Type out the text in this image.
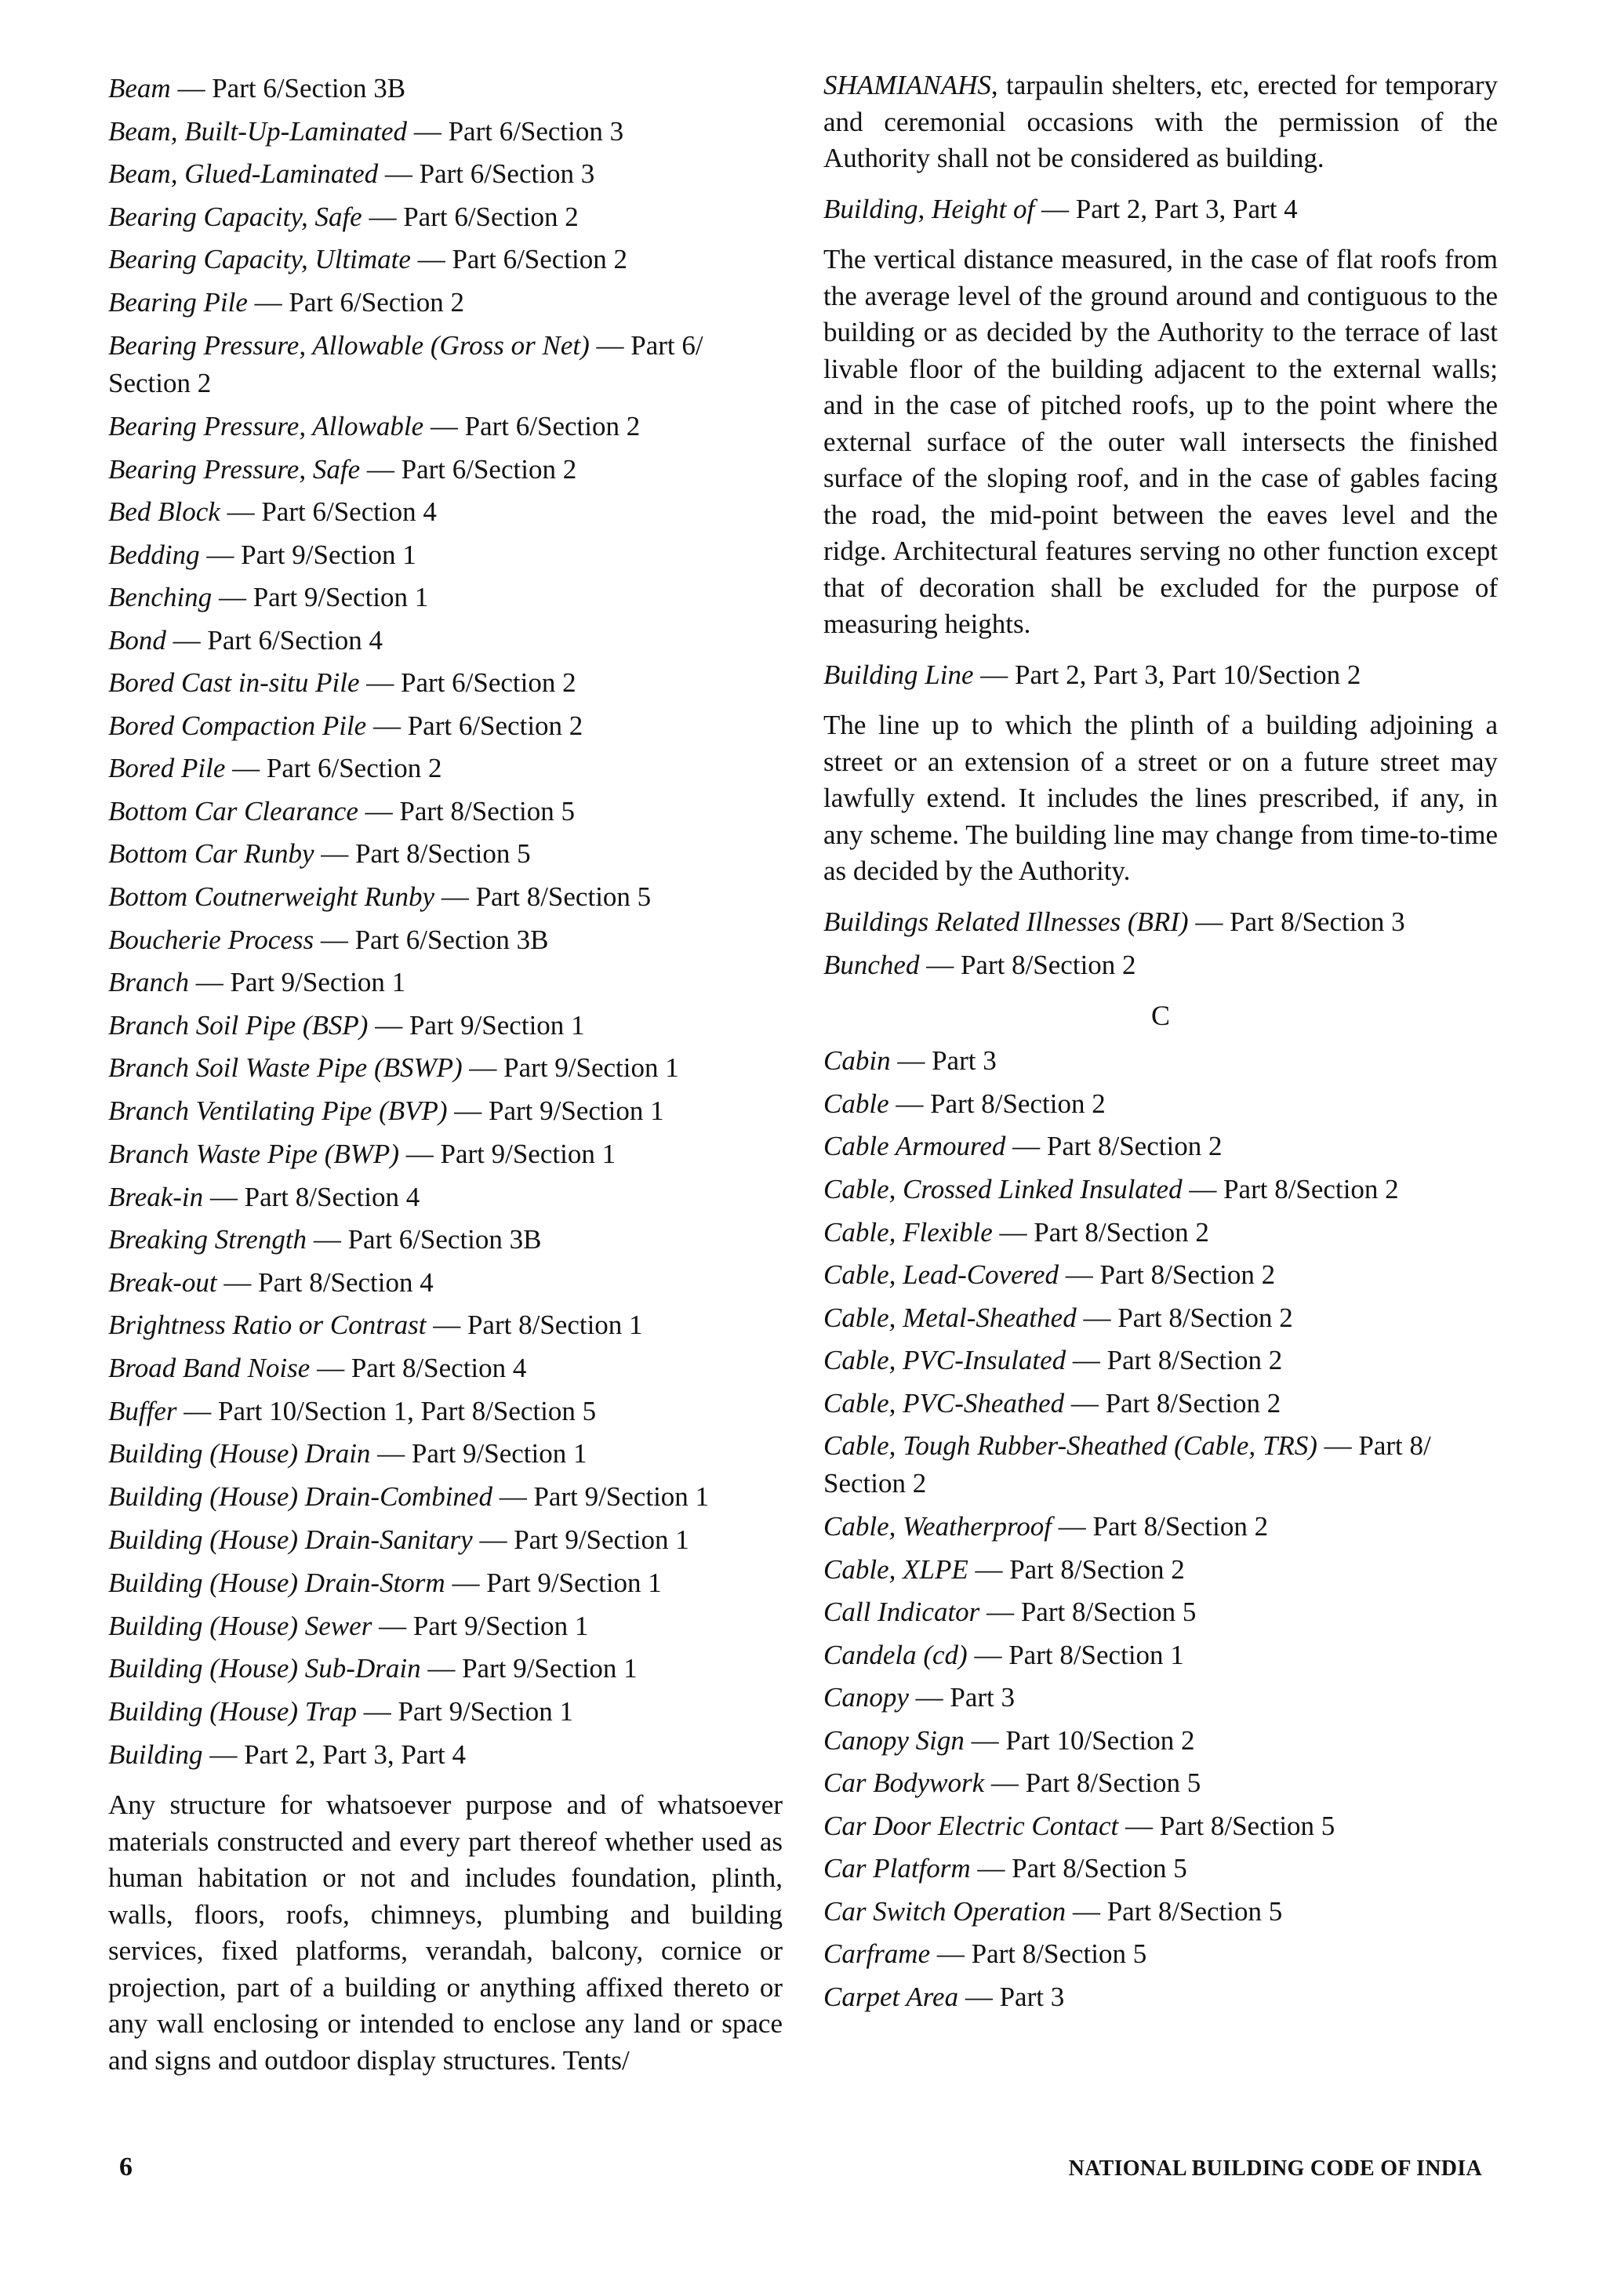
Beam — Part 6/Section 3B
Beam, Built-Up-Laminated — Part 6/Section 3
Beam, Glued-Laminated — Part 6/Section 3
Bearing Capacity, Safe — Part 6/Section 2
Bearing Capacity, Ultimate — Part 6/Section 2
Bearing Pile — Part 6/Section 2
Bearing Pressure, Allowable (Gross or Net) — Part 6/ Section 2
Bearing Pressure, Allowable — Part 6/Section 2
Bearing Pressure, Safe — Part 6/Section 2
Bed Block — Part 6/Section 4
Bedding — Part 9/Section 1
Benching — Part 9/Section 1
Bond — Part 6/Section 4
Bored Cast in-situ Pile — Part 6/Section 2
Bored Compaction Pile — Part 6/Section 2
Bored Pile — Part 6/Section 2
Bottom Car Clearance — Part 8/Section 5
Bottom Car Runby — Part 8/Section 5
Bottom Coutnerweight Runby — Part 8/Section 5
Boucherie Process — Part 6/Section 3B
Branch — Part 9/Section 1
Branch Soil Pipe (BSP) — Part 9/Section 1
Branch Soil Waste Pipe (BSWP) — Part 9/Section 1
Branch Ventilating Pipe (BVP) — Part 9/Section 1
Branch Waste Pipe (BWP) — Part 9/Section 1
Break-in — Part 8/Section 4
Breaking Strength — Part 6/Section 3B
Break-out — Part 8/Section 4
Brightness Ratio or Contrast — Part 8/Section 1
Broad Band Noise — Part 8/Section 4
Buffer — Part 10/Section 1, Part 8/Section 5
Building (House) Drain — Part 9/Section 1
Building (House) Drain-Combined — Part 9/Section 1
Building (House) Drain-Sanitary — Part 9/Section 1
Building (House) Drain-Storm — Part 9/Section 1
Building (House) Sewer — Part 9/Section 1
Building (House) Sub-Drain — Part 9/Section 1
Building (House) Trap — Part 9/Section 1
Building — Part 2, Part 3, Part 4

Any structure for whatsoever purpose and of whatsoever materials constructed and every part thereof whether used as human habitation or not and includes foundation, plinth, walls, floors, roofs, chimneys, plumbing and building services, fixed platforms, verandah, balcony, cornice or projection, part of a building or anything affixed thereto or any wall enclosing or intended to enclose any land or space and signs and outdoor display structures. Tents/

SHAMIANAHS, tarpaulin shelters, etc, erected for temporary and ceremonial occasions with the permission of the Authority shall not be considered as building.

Building, Height of — Part 2, Part 3, Part 4

The vertical distance measured, in the case of flat roofs from the average level of the ground around and contiguous to the building or as decided by the Authority to the terrace of last livable floor of the building adjacent to the external walls; and in the case of pitched roofs, up to the point where the external surface of the outer wall intersects the finished surface of the sloping roof, and in the case of gables facing the road, the mid-point between the eaves level and the ridge. Architectural features serving no other function except that of decoration shall be excluded for the purpose of measuring heights.

Building Line — Part 2, Part 3, Part 10/Section 2

The line up to which the plinth of a building adjoining a street or an extension of a street or on a future street may lawfully extend. It includes the lines prescribed, if any, in any scheme. The building line may change from time-to-time as decided by the Authority.

Buildings Related Illnesses (BRI) — Part 8/Section 3
Bunched — Part 8/Section 2
C
Cabin — Part 3
Cable — Part 8/Section 2
Cable Armoured — Part 8/Section 2
Cable, Crossed Linked Insulated — Part 8/Section 2
Cable, Flexible — Part 8/Section 2
Cable, Lead-Covered — Part 8/Section 2
Cable, Metal-Sheathed — Part 8/Section 2
Cable, PVC-Insulated — Part 8/Section 2
Cable, PVC-Sheathed — Part 8/Section 2
Cable, Tough Rubber-Sheathed (Cable, TRS) — Part 8/ Section 2
Cable, Weatherproof — Part 8/Section 2
Cable, XLPE — Part 8/Section 2
Call Indicator — Part 8/Section 5
Candela (cd) — Part 8/Section 1
Canopy — Part 3
Canopy Sign — Part 10/Section 2
Car Bodywork — Part 8/Section 5
Car Door Electric Contact — Part 8/Section 5
Car Platform — Part 8/Section 5
Car Switch Operation — Part 8/Section 5
Carframe — Part 8/Section 5
Carpet Area — Part 3
6	NATIONAL BUILDING CODE OF INDIA
